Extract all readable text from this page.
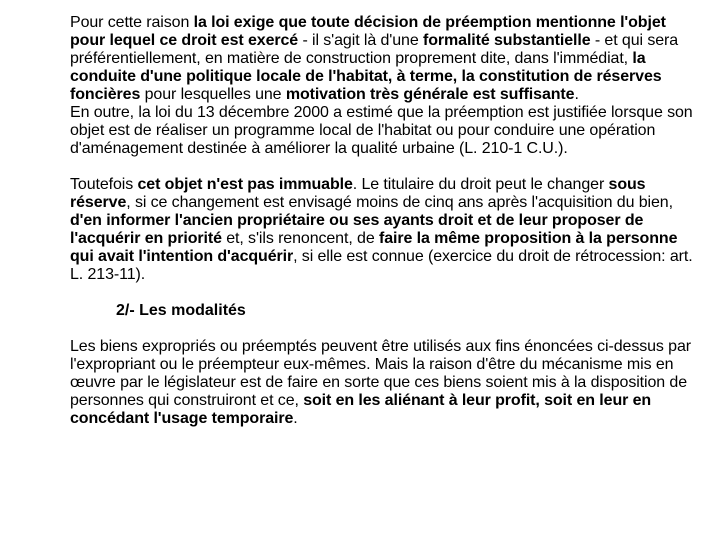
Pour cette raison la loi exige que toute décision de préemption mentionne l'objet pour lequel ce droit est exercé - il s'agit là d'une formalité substantielle - et qui sera préférentiellement, en matière de construction proprement dite, dans l'immédiat, la conduite d'une politique locale de l'habitat, à terme, la constitution de réserves foncières pour lesquelles une motivation très générale est suffisante.

En outre, la loi du 13 décembre 2000 a estimé que la préemption est justifiée lorsque son objet est de réaliser un programme local de l'habitat ou pour conduire une opération d'aménagement destinée à améliorer la qualité urbaine (L. 210-1 C.U.).

Toutefois cet objet n'est pas immuable. Le titulaire du droit peut le changer sous réserve, si ce changement est envisagé moins de cinq ans après l'acquisition du bien, d'en informer l'ancien propriétaire ou ses ayants droit et de leur proposer de l'acquérir en priorité et, s'ils renoncent, de faire la même proposition à la personne qui avait l'intention d'acquérir, si elle est connue (exercice du droit de rétrocession: art. L. 213-11).

2/- Les modalités

Les biens expropriés ou préemptés peuvent être utilisés aux fins énoncées ci-dessus par l'expropriant ou le préempteur eux-mêmes. Mais la raison d'être du mécanisme mis en œuvre par le législateur est de faire en sorte que ces biens soient mis à la disposition de personnes qui construiront et ce, soit en les aliénant à leur profit, soit en leur en concédant l'usage temporaire.
